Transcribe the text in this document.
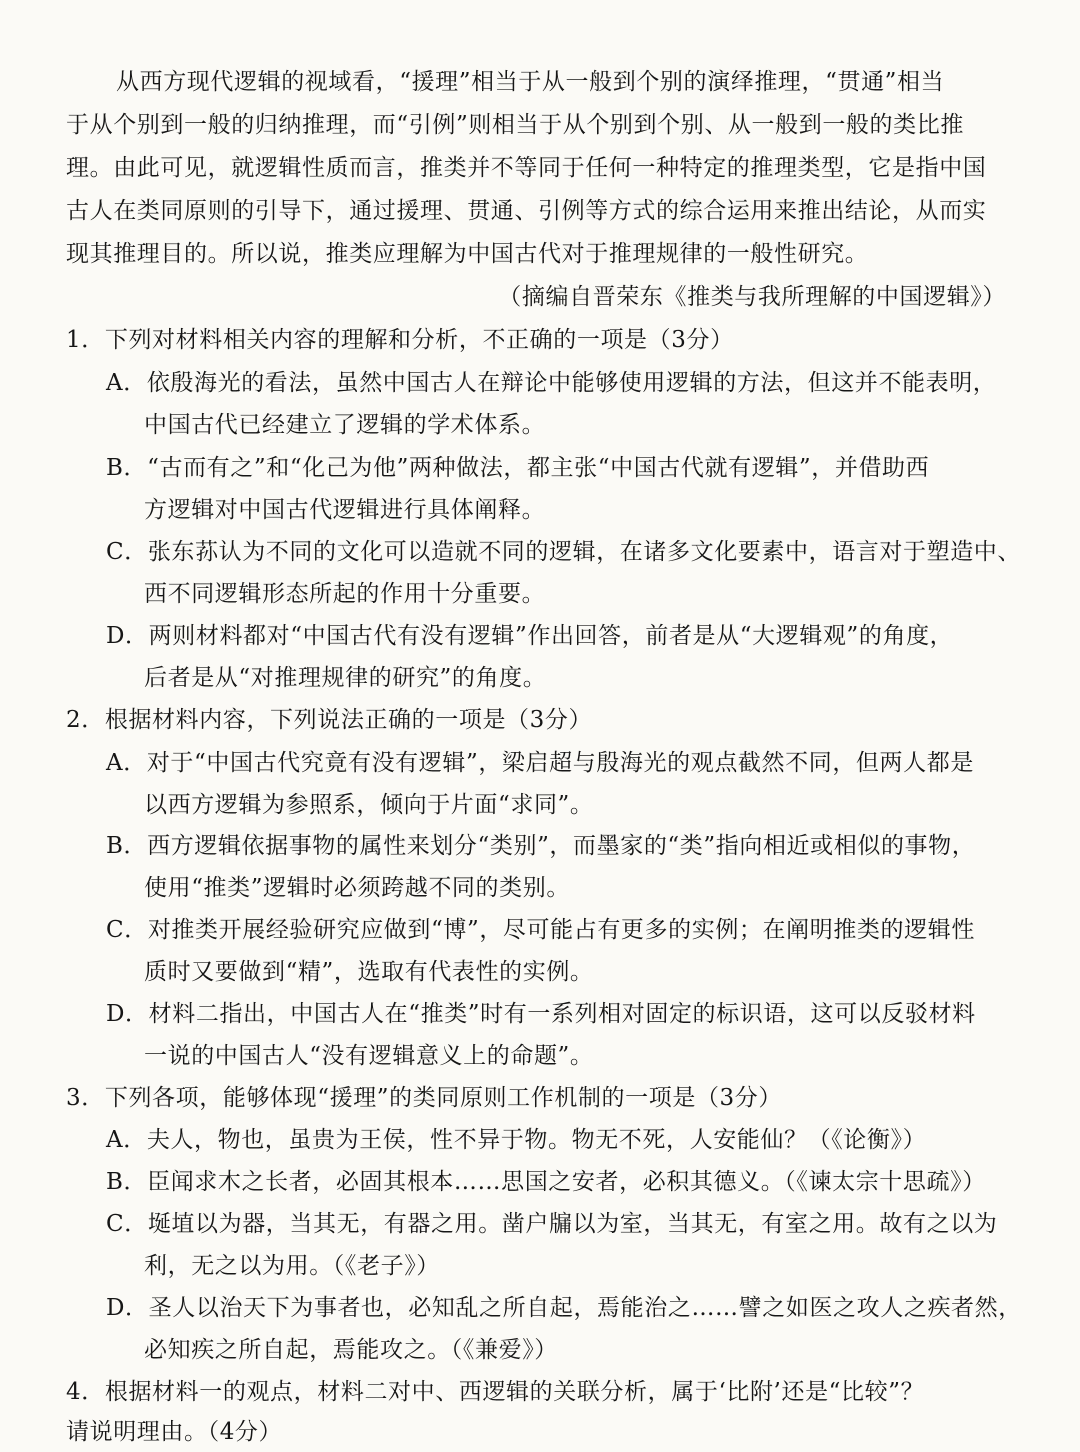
从西方现代逻辑的视域看，“援理”相当于从一般到个别的演绎推理，“贯通”相当
于从个别到一般的归纳推理，而“引例”则相当于从个别到个别、从一般到一般的类比推
理。由此可见，就逻辑性质而言，推类并不等同于任何一种特定的推理类型，它是指中国
古人在类同原则的引导下，通过援理、贯通、引例等方式的综合运用来推出结论，从而实
现其推理目的。所以说，推类应理解为中国古代对于推理规律的一般性研究。
（摘编自晋荣东《推类与我所理解的中国逻辑》）
1．下列对材料相关内容的理解和分析，不正确的一项是（3分）
A．依殷海光的看法，虽然中国古人在辩论中能够使用逻辑的方法，但这并不能表明，
中国古代已经建立了逻辑的学术体系。
B．“古而有之”和“化己为他”两种做法，都主张“中国古代就有逻辑”，并借助西
方逻辑对中国古代逻辑进行具体阐释。
C．张东荪认为不同的文化可以造就不同的逻辑，在诸多文化要素中，语言对于塑造中、
西不同逻辑形态所起的作用十分重要。
D．两则材料都对“中国古代有没有逻辑”作出回答，前者是从“大逻辑观”的角度，
后者是从“对推理规律的研究”的角度。
2．根据材料内容，下列说法正确的一项是（3分）
A．对于“中国古代究竟有没有逻辑”，梁启超与殷海光的观点截然不同，但两人都是
以西方逻辑为参照系，倾向于片面“求同”。
B．西方逻辑依据事物的属性来划分“类别”，而墨家的“类”指向相近或相似的事物，
使用“推类”逻辑时必须跨越不同的类别。
C．对推类开展经验研究应做到“博”，尽可能占有更多的实例；在阐明推类的逻辑性
质时又要做到“精”，选取有代表性的实例。
D．材料二指出，中国古人在“推类”时有一系列相对固定的标识语，这可以反驳材料
一说的中国古人“没有逻辑意义上的命题”。
3．下列各项，能够体现“援理”的类同原则工作机制的一项是（3分）
A．夫人，物也，虽贵为王侯，性不异于物。物无不死，人安能仙？（《论衡》）
B．臣闻求木之长者，必固其根本……思国之安者，必积其德义。（《谏太宗十思疏》）
C．埏埴以为器，当其无，有器之用。凿户牖以为室，当其无，有室之用。故有之以为
利，无之以为用。（《老子》）
D．圣人以治天下为事者也，必知乱之所自起，焉能治之……譬之如医之攻人之疾者然，
必知疾之所自起，焉能攻之。（《兼爱》）
4．根据材料一的观点，材料二对中、西逻辑的关联分析，属于‘比附’还是“比较”？
请说明理由。（4分）
